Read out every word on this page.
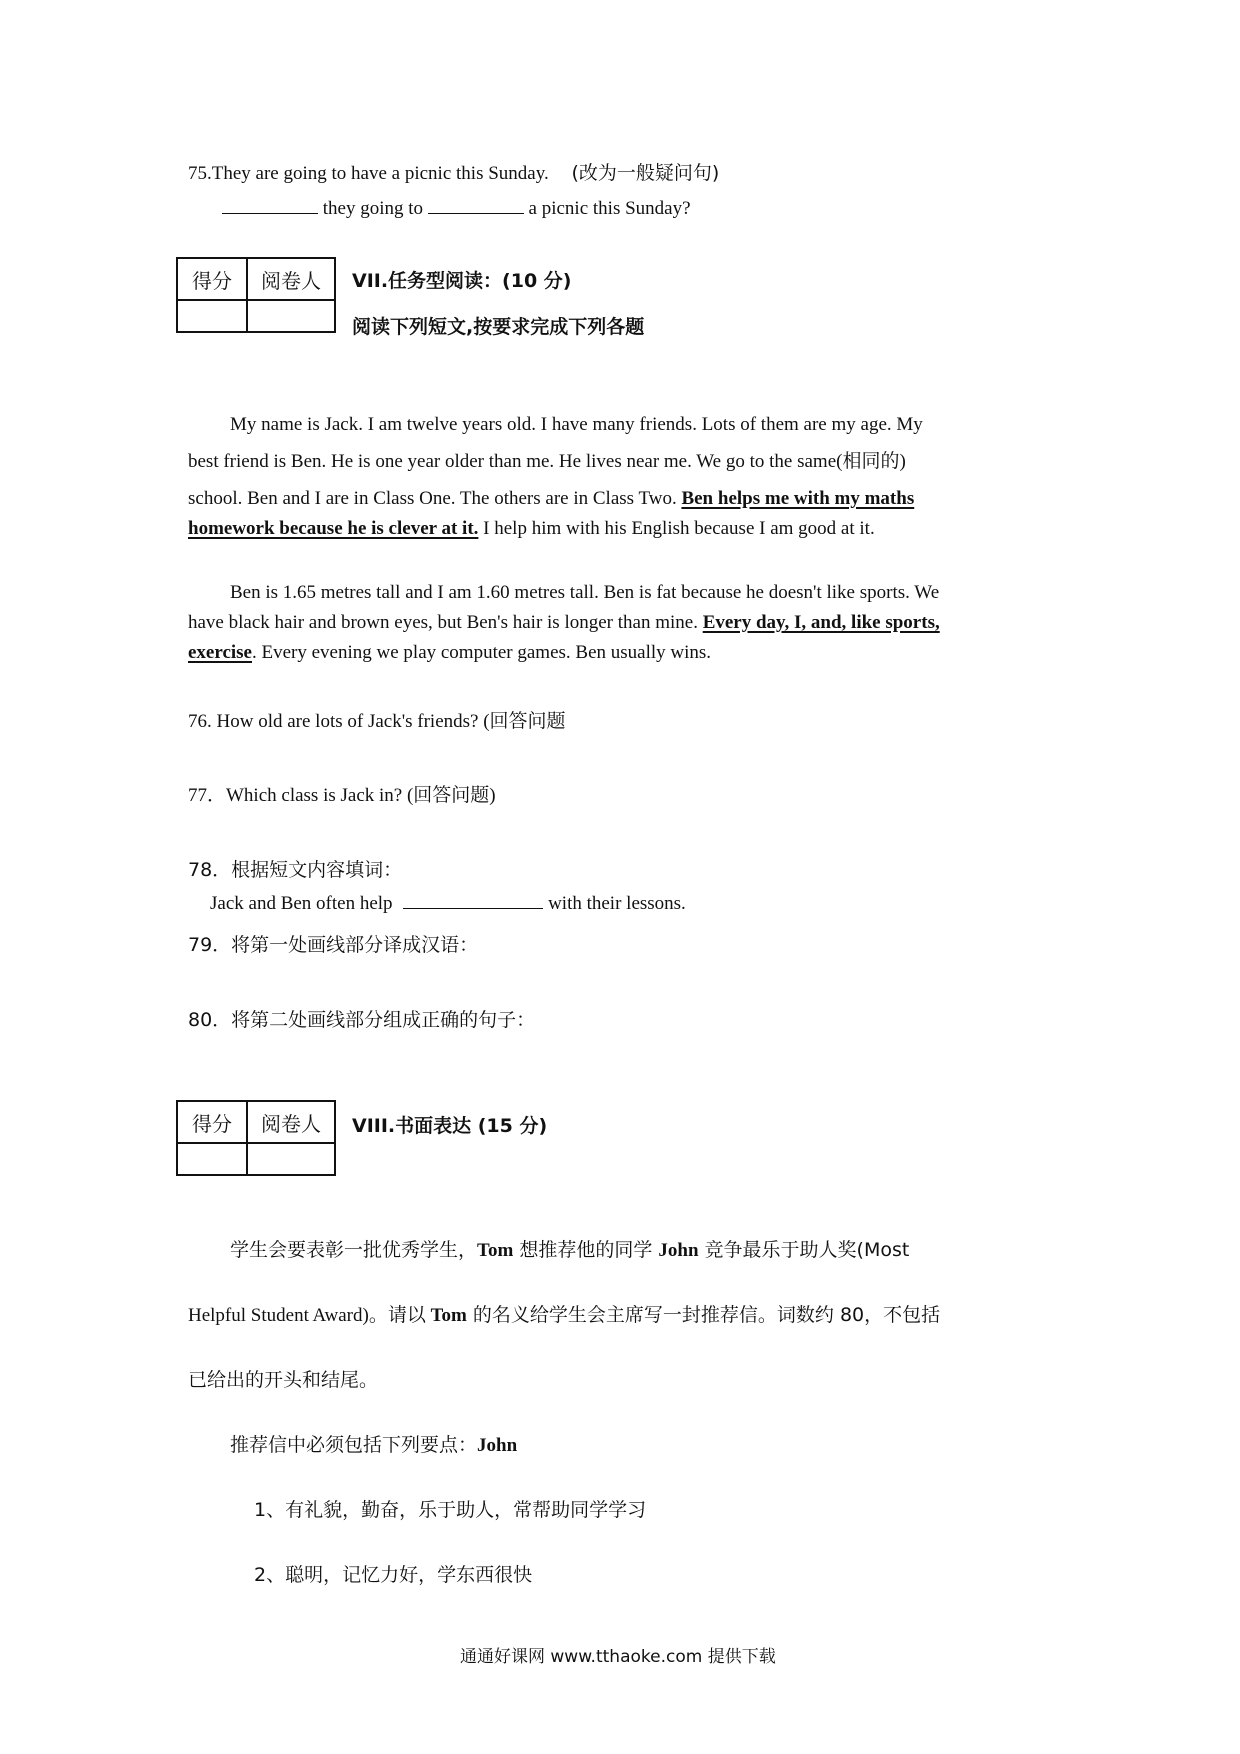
75.They are going to have a picnic this Sunday. (改为一般疑问句)
they going to	a picnic this Sunday?
得分	阅卷人
	VII.任务型阅读：(10 分)
阅读下列短文,按要求完成下列各题
My name is Jack. I am twelve years old. I have many friends. Lots of them are my age. My
best friend is Ben. He is one year older than me. He lives near me. We go to the same(相同的)
school. Ben and I are in Class One. The others are in Class Two. Ben helps me with my maths
homework because he is clever at it. I help him with his English because I am good at it.
Ben is 1.65 metres tall and I am 1.60 metres tall. Ben is fat because he doesn't like sports. We
have black hair and brown eyes, but Ben's hair is longer than mine. Every day, I, and, like sports,
exercise. Every evening we play computer games. Ben usually wins.
76. How old are lots of Jack's friends? (回答问题
77．Which class is Jack in? (回答问题)
78．根据短文内容填词：
Jack and Ben often help	with their lessons.
79．将第一处画线部分译成汉语：
80．将第二处画线部分组成正确的句子：
得分	阅卷人
	VIII.书面表达 (15 分)
学生会要表彰一批优秀学生，Tom 想推荐他的同学 John 竞争最乐于助人奖(Most
Helpful Student Award)。请以 Tom 的名义给学生会主席写一封推荐信。词数约 80，不包括
已给出的开头和结尾。
推荐信中必须包括下列要点：John
1、有礼貌，勤奋，乐于助人，常帮助同学学习
2、聪明，记忆力好，学东西很快
通通好课网 www.tthaoke.com 提供下载
